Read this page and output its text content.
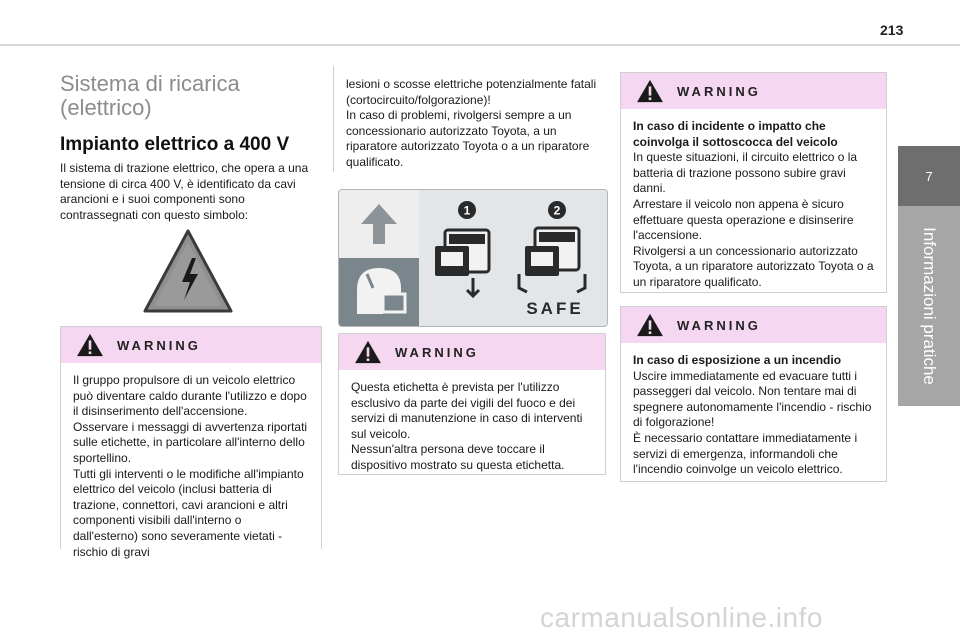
213
7
Informazioni pratiche
Sistema di ricarica (elettrico)
Impianto elettrico a 400 V
Il sistema di trazione elettrico, che opera a una tensione di circa 400 V, è identificato da cavi arancioni e i suoi componenti sono contrassegnati con questo simbolo:
WARNING
Il gruppo propulsore di un veicolo elettrico può diventare caldo durante l'utilizzo e dopo il disinserimento dell'accensione.
Osservare i messaggi di avvertenza riportati sulle etichette, in particolare all'interno dello sportellino.
Tutti gli interventi o le modifiche all'impianto elettrico del veicolo (inclusi batteria di trazione, connettori, cavi arancioni e altri componenti visibili dall'interno o dall'esterno) sono severamente vietati - rischio di gravi
lesioni o scosse elettriche potenzialmente fatali (cortocircuito/folgorazione)!
In caso di problemi, rivolgersi sempre a un concessionario autorizzato Toyota, a un riparatore autorizzato Toyota o a un riparatore qualificato.
1	2
SAFE
WARNING
Questa etichetta è prevista per l'utilizzo esclusivo da parte dei vigili del fuoco e dei servizi di manutenzione in caso di interventi sul veicolo.
Nessun'altra persona deve toccare il dispositivo mostrato su questa etichetta.
WARNING
In caso di incidente o impatto che coinvolga il sottoscocca del veicolo
In queste situazioni, il circuito elettrico o la batteria di trazione possono subire gravi danni.
Arrestare il veicolo non appena è sicuro effettuare questa operazione e disinserire l'accensione.
Rivolgersi a un concessionario autorizzato Toyota, a un riparatore autorizzato Toyota o a un riparatore qualificato.
WARNING
In caso di esposizione a un incendio
Uscire immediatamente ed evacuare tutti i passeggeri dal veicolo. Non tentare mai di spegnere autonomamente l'incendio - rischio di folgorazione!
È necessario contattare immediatamente i servizi di emergenza, informandoli che l'incendio coinvolge un veicolo elettrico.
carmanualsonline.info
